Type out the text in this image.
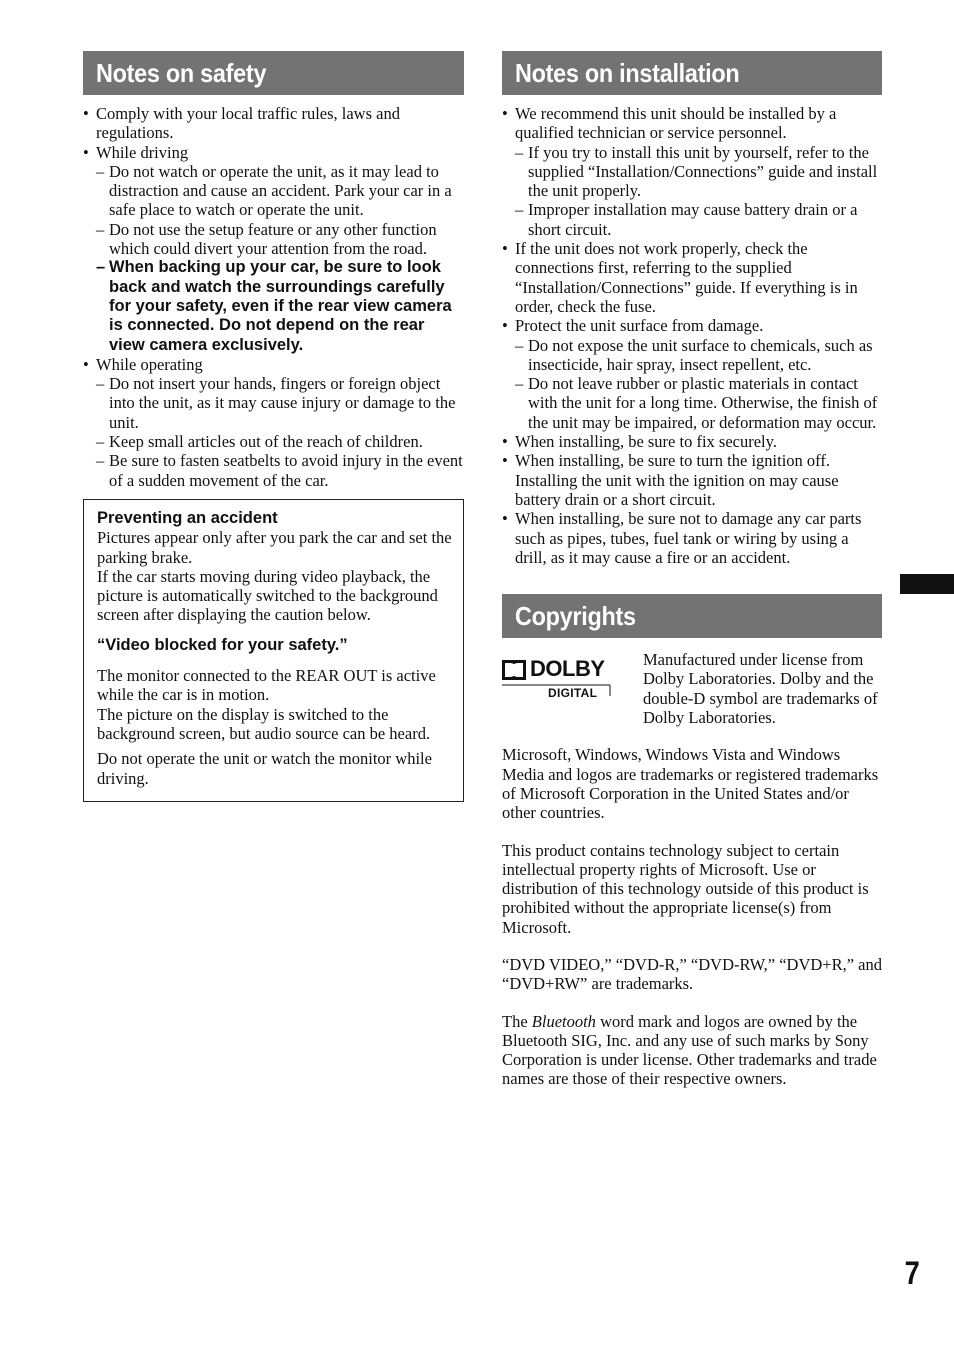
Notes on safety
• Comply with your local traffic rules, laws and regulations.
• While driving
– Do not watch or operate the unit, as it may lead to distraction and cause an accident. Park your car in a safe place to watch or operate the unit.
– Do not use the setup feature or any other function which could divert your attention from the road.
– When backing up your car, be sure to look back and watch the surroundings carefully for your safety, even if the rear view camera is connected. Do not depend on the rear view camera exclusively.
• While operating
– Do not insert your hands, fingers or foreign object into the unit, as it may cause injury or damage to the unit.
– Keep small articles out of the reach of children.
– Be sure to fasten seatbelts to avoid injury in the event of a sudden movement of the car.

Preventing an accident

Pictures appear only after you park the car and set the parking brake.

If the car starts moving during video playback, the picture is automatically switched to the background screen after displaying the caution below.

“Video blocked for your safety.”

The monitor connected to the REAR OUT is active while the car is in motion.

The picture on the display is switched to the background screen, but audio source can be heard.

Do not operate the unit or watch the monitor while driving.

Notes on installation
• We recommend this unit should be installed by a qualified technician or service personnel.
– If you try to install this unit by yourself, refer to the supplied “Installation/Connections” guide and install the unit properly.
– Improper installation may cause battery drain or a short circuit.
• If the unit does not work properly, check the connections first, referring to the supplied “Installation/Connections” guide. If everything is in order, check the fuse.
• Protect the unit surface from damage.
– Do not expose the unit surface to chemicals, such as insecticide, hair spray, insect repellent, etc.
– Do not leave rubber or plastic materials in contact with the unit for a long time. Otherwise, the finish of the unit may be impaired, or deformation may occur.
• When installing, be sure to fix securely.
• When installing, be sure to turn the ignition off. Installing the unit with the ignition on may cause battery drain or a short circuit.
• When installing, be sure not to damage any car parts such as pipes, tubes, fuel tank or wiring by using a drill, as it may cause a fire or an accident.
Copyrights
DOLBY
DIGITAL

Manufactured under license from Dolby Laboratories. Dolby and the double-D symbol are trademarks of Dolby Laboratories.

Microsoft, Windows, Windows Vista and Windows Media and logos are trademarks or registered trademarks of Microsoft Corporation in the United States and/or other countries.

This product contains technology subject to certain intellectual property rights of Microsoft. Use or distribution of this technology outside of this product is prohibited without the appropriate license(s) from Microsoft.

“DVD VIDEO,” “DVD-R,” “DVD-RW,” “DVD+R,” and “DVD+RW” are trademarks.

The Bluetooth word mark and logos are owned by the Bluetooth SIG, Inc. and any use of such marks by Sony Corporation is under license. Other trademarks and trade names are those of their respective owners.

7
